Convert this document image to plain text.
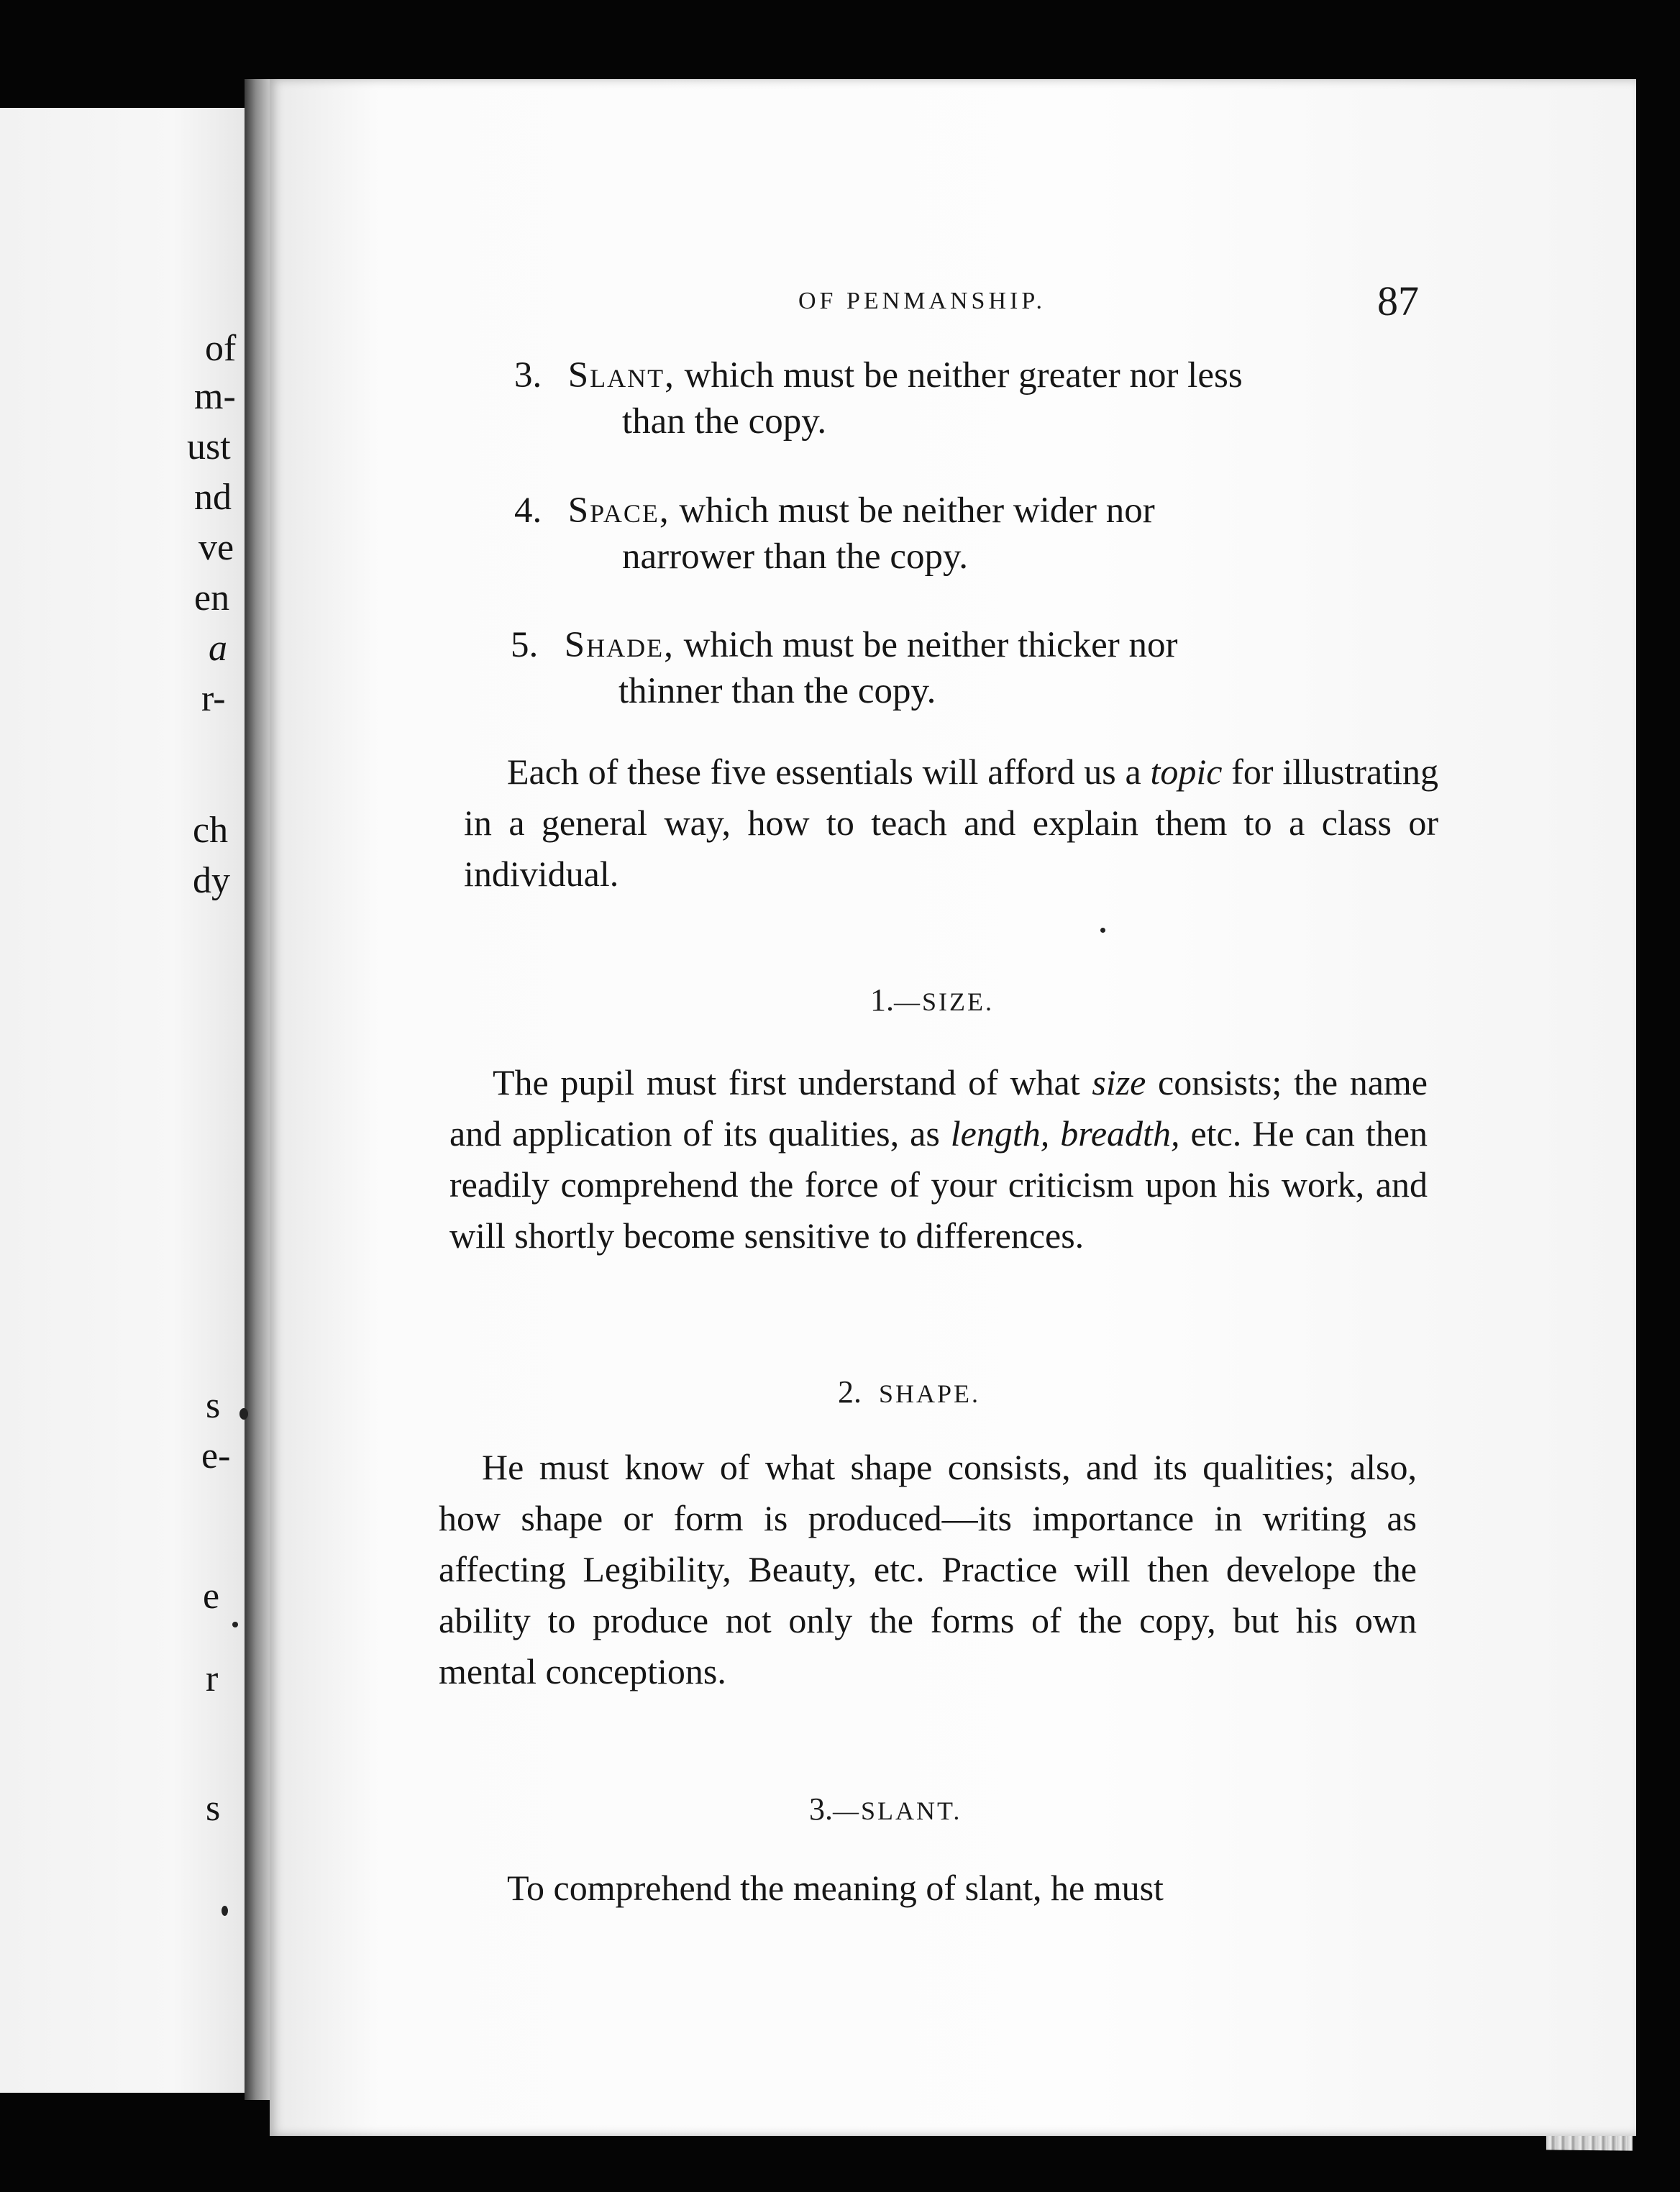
of
m-
ust
nd
ve
en
a
r-
ch
dy
s
e-
e
r
s
OF PENMANSHIP.	87
3. Slant, which must be neither greater nor less
than the copy.
4. Space, which must be neither wider nor
narrower than the copy.
5. Shade, which must be neither thicker nor
thinner than the copy.

Each of these five essentials will afford us a topic for illustrating in a general way, how to teach and explain them to a class or individual.

1.—SIZE.

The pupil must first understand of what size consists; the name and application of its qualities, as length, breadth, etc. He can then readily comprehend the force of your criticism upon his work, and will shortly become sensitive to differences.

2. SHAPE.

He must know of what shape consists, and its qualities; also, how shape or form is produced—its importance in writing as affecting Legibility, Beauty, etc. Practice will then develope the ability to produce not only the forms of the copy, but his own mental conceptions.

3.—SLANT.

To comprehend the meaning of slant, he must
